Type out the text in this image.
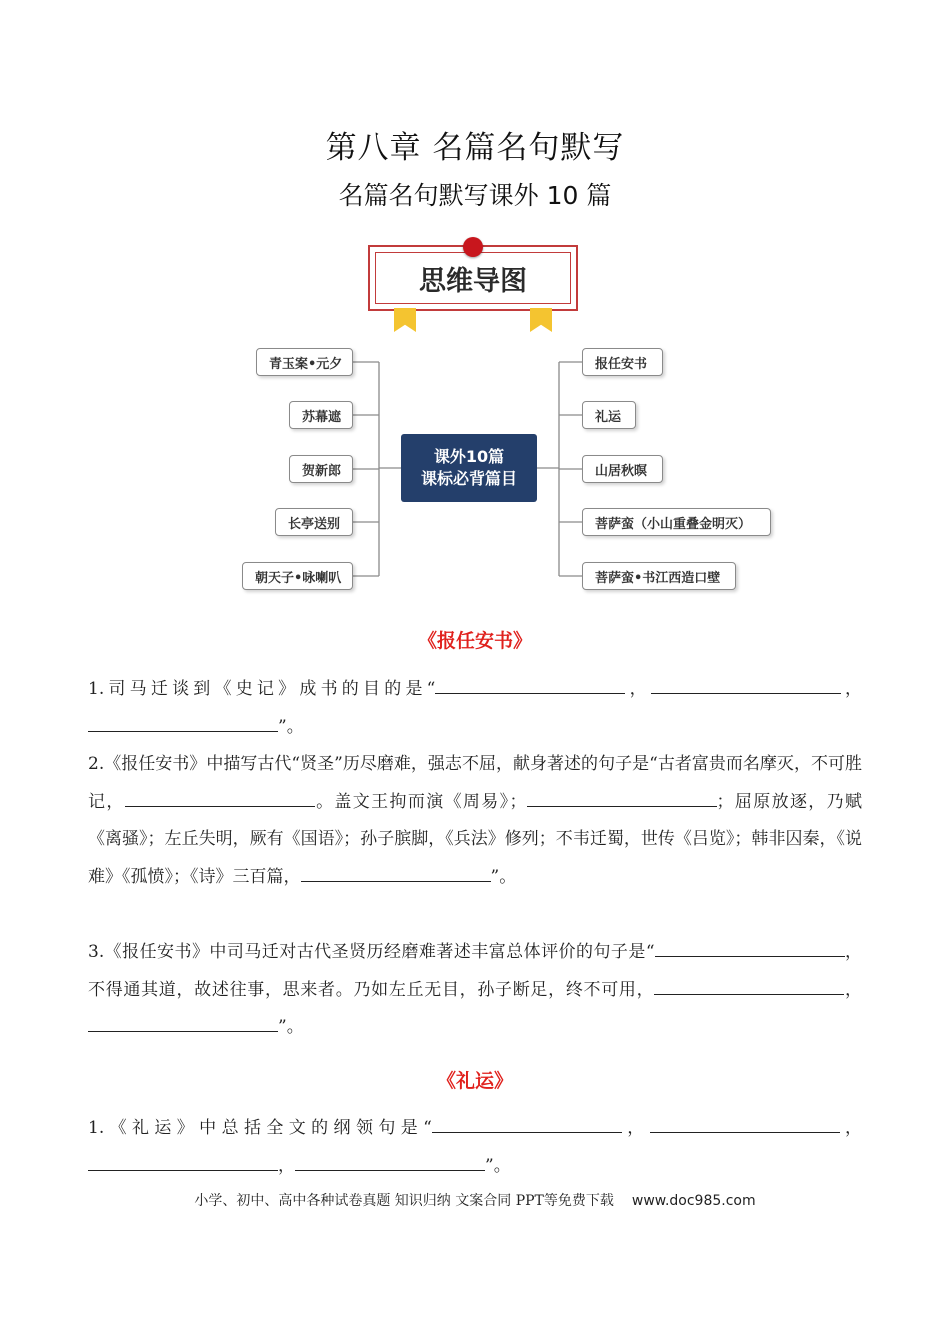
第八章 名篇名句默写
名篇名句默写课外 10 篇
思维导图
课外10篇
课标必背篇目
青玉案•元夕
苏幕遮
贺新郎
长亭送别
朝天子•咏喇叭
报任安书
礼运
山居秋暝
菩萨蛮（小山重叠金明灭）
菩萨蛮•书江西造口壁
《报任安书》
1.司马迁谈到《史记》成书的目的是“	，	，”。
2.《报任安书》中描写古代“贤圣”历尽磨难，强志不屈，献身著述的句子是“古者富贵而名摩灭，不可胜记，	。盖文王拘而演《周易》；	；屈原放逐，乃赋《离骚》；左丘失明，厥有《国语》；孙子膑脚，《兵法》修列；不韦迁蜀，世传《吕览》；韩非囚秦，《说难》《孤愤》；《诗》三百篇，	”。
3.《报任安书》中司马迁对古代圣贤历经磨难著述丰富总体评价的句子是“	，不得通其道，故述往事，思来者。乃如左丘无目，孙子断足，终不可用，	，”。
《礼运》
1.《礼运》中总括全文的纲领句是“	，	，，	”。
小学、初中、高中各种试卷真题 知识归纳 文案合同 PPT等免费下载 www.doc985.com
